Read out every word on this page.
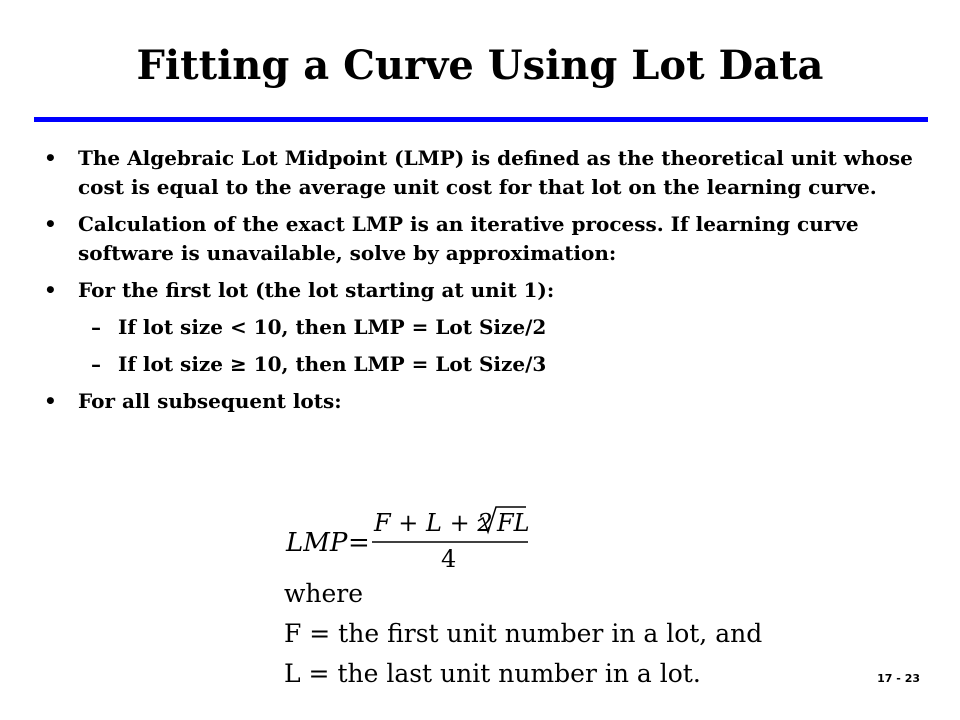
Fitting a Curve Using Lot Data
•	The Algebraic Lot Midpoint (LMP) is defined as the theoretical unit whose cost is equal to the average unit cost for that lot on the learning curve.
•	Calculation of the exact LMP is an iterative process. If learning curve software is unavailable, solve by approximation:
•	For the first lot (the lot starting at unit 1):
– If lot size < 10, then LMP = Lot Size/2
– If lot size ≥ 10, then LMP = Lot Size/3
•	For all subsequent lots:
LMP =
F + L + 2 FL
4
where
F = the first unit number in a lot, and
L = the last unit number in a lot.	17 - 23
